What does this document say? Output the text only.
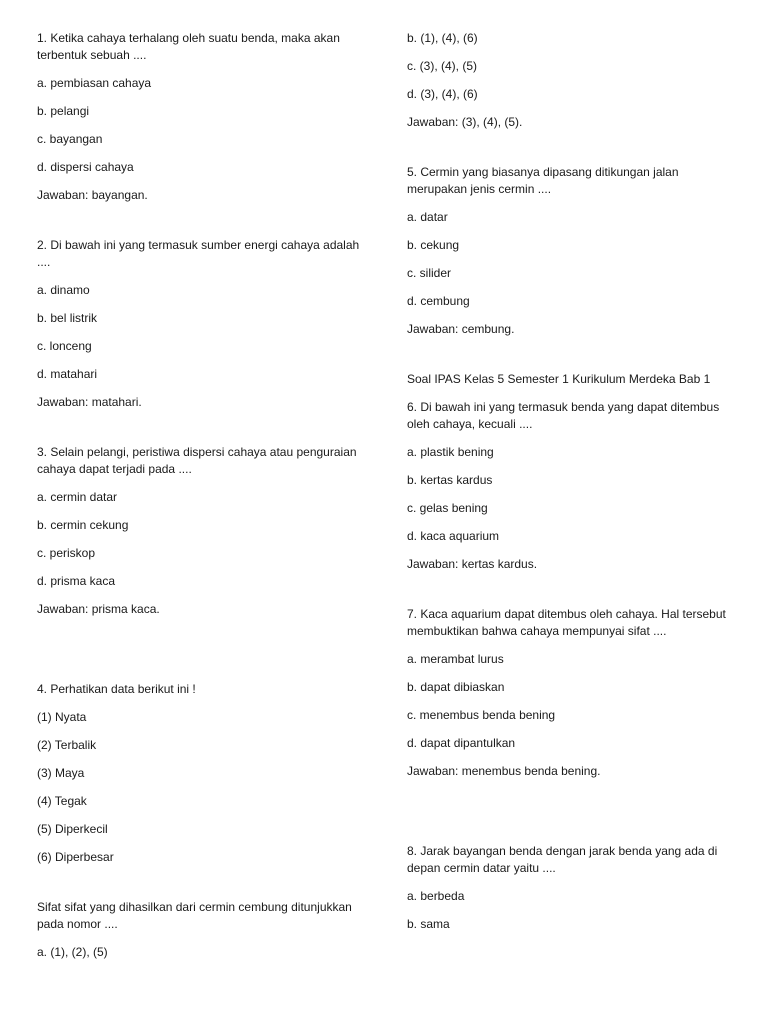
1. Ketika cahaya terhalang oleh suatu benda, maka akan terbentuk sebuah ....
a. pembiasan cahaya
b. pelangi
c. bayangan
d. dispersi cahaya
Jawaban: bayangan.
2. Di bawah ini yang termasuk sumber energi cahaya adalah ....
a. dinamo
b. bel listrik
c. lonceng
d. matahari
Jawaban: matahari.
3. Selain pelangi, peristiwa dispersi cahaya atau penguraian cahaya dapat terjadi pada ....
a. cermin datar
b. cermin cekung
c. periskop
d. prisma kaca
Jawaban: prisma kaca.
4. Perhatikan data berikut ini !
(1) Nyata
(2) Terbalik
(3) Maya
(4) Tegak
(5) Diperkecil
(6) Diperbesar
Sifat sifat yang dihasilkan dari cermin cembung ditunjukkan pada nomor ....
a. (1), (2), (5)
b. (1), (4), (6)
c. (3), (4), (5)
d. (3), (4), (6)
Jawaban: (3), (4), (5).
5. Cermin yang biasanya dipasang ditikungan jalan merupakan jenis cermin ....
a. datar
b. cekung
c. silider
d. cembung
Jawaban: cembung.
Soal IPAS Kelas 5 Semester 1 Kurikulum Merdeka Bab 1
6. Di bawah ini yang termasuk benda yang dapat ditembus oleh cahaya, kecuali ....
a. plastik bening
b. kertas kardus
c. gelas bening
d. kaca aquarium
Jawaban: kertas kardus.
7. Kaca aquarium dapat ditembus oleh cahaya. Hal tersebut membuktikan bahwa cahaya mempunyai sifat ....
a. merambat lurus
b. dapat dibiaskan
c. menembus benda bening
d. dapat dipantulkan
Jawaban: menembus benda bening.
8. Jarak bayangan benda dengan jarak benda yang ada di depan cermin datar yaitu ....
a. berbeda
b. sama
